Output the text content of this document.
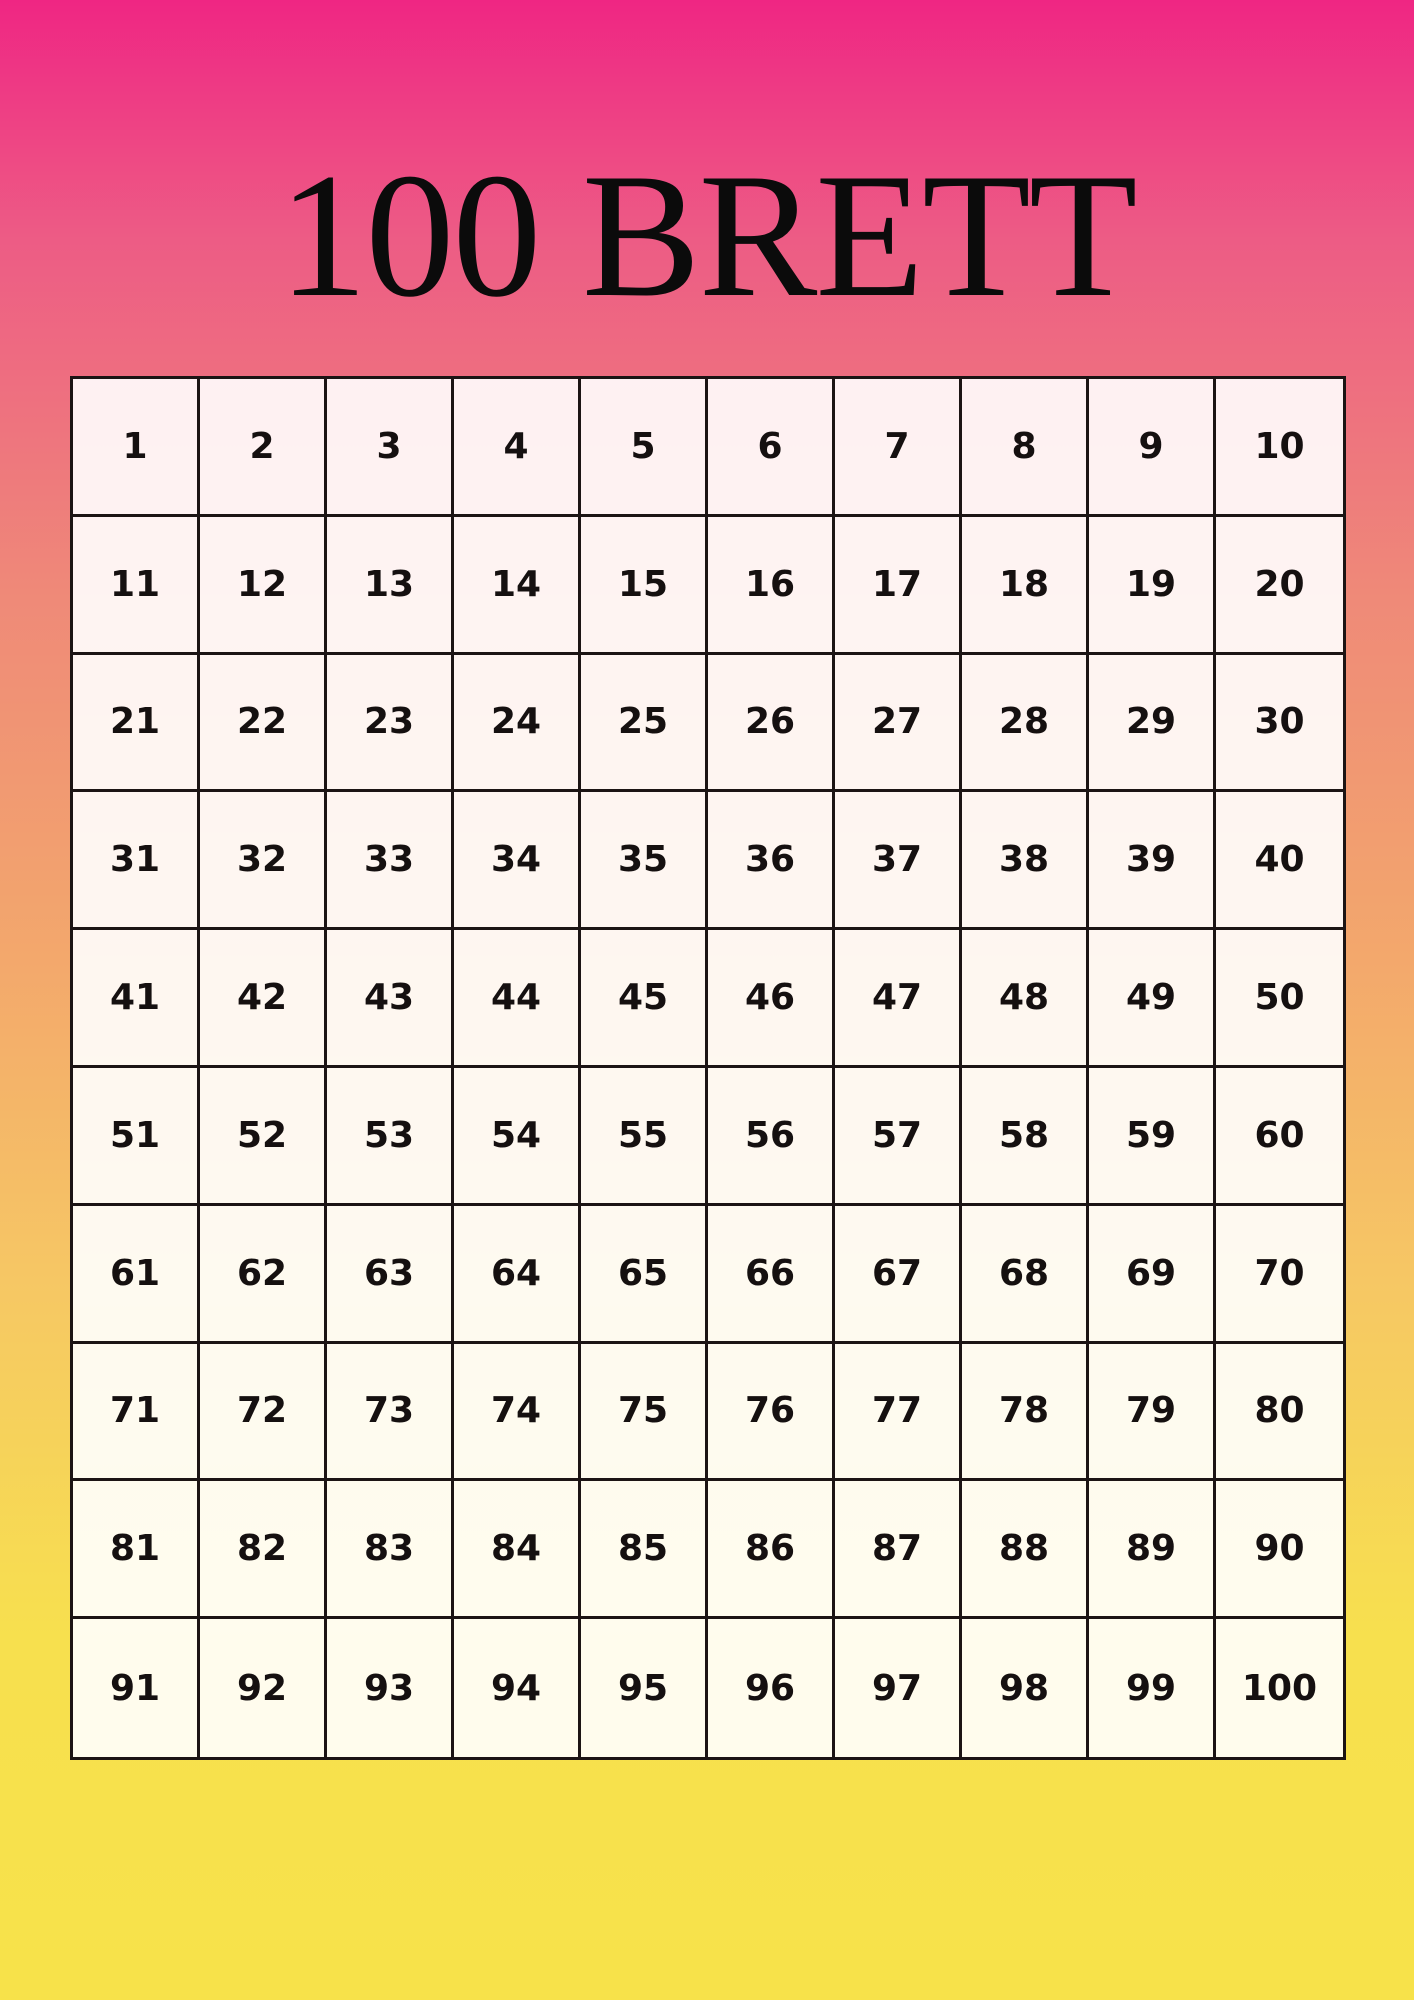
100 BRETT
1	2	3	4	5	6	7	8	9	10
11	12	13	14	15	16	17	18	19	20
21	22	23	24	25	26	27	28	29	30
31	32	33	34	35	36	37	38	39	40
41	42	43	44	45	46	47	48	49	50
51	52	53	54	55	56	57	58	59	60
61	62	63	64	65	66	67	68	69	70
71	72	73	74	75	76	77	78	79	80
81	82	83	84	85	86	87	88	89	90
91	92	93	94	95	96	97	98	99	100
